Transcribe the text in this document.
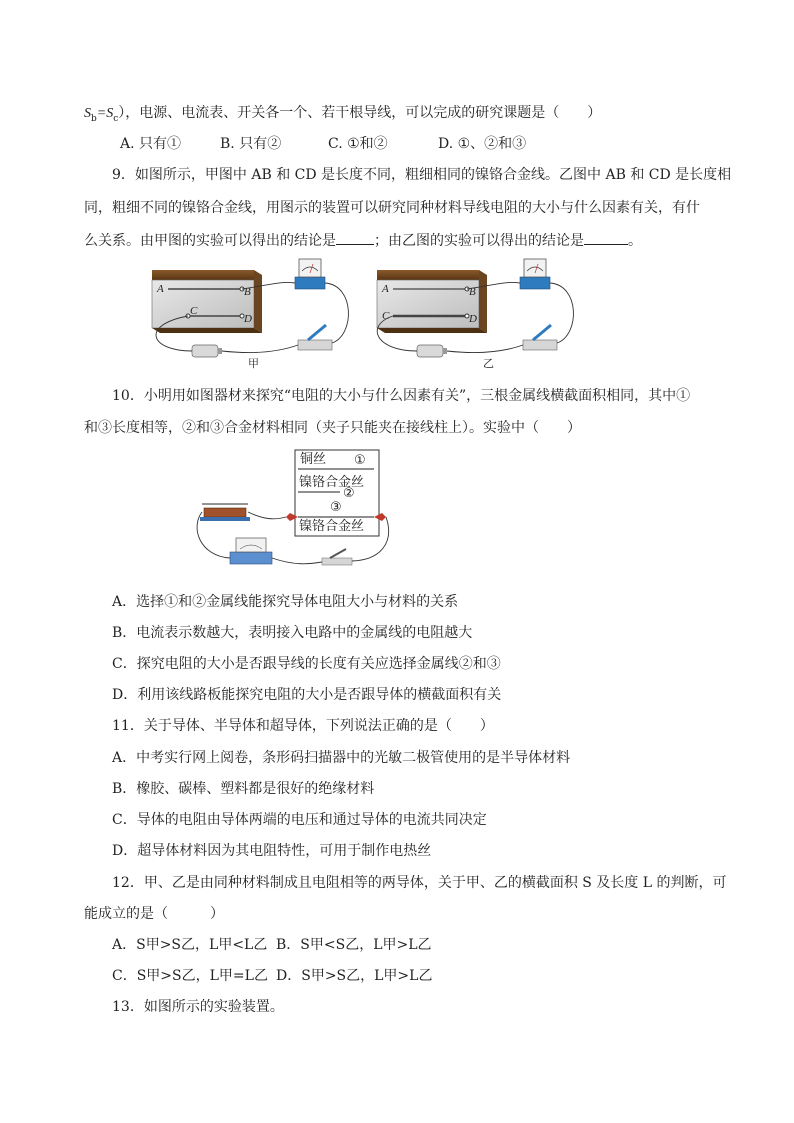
$S_b=S_c$），电源、电流表、开关各一个、若干根导线，可以完成的研究课题是（　　）
A. 只有①	B. 只有②	C. ①和②	D. ①、②和③
9．如图所示，甲图中 AB 和 CD 是长度不同，粗细相同的镍铬合金线。乙图中 AB 和 CD 是长度相
同，粗细不同的镍铬合金线，用图示的装置可以研究同种材料导线电阻的大小与什么因素有关，有什
么关系。由甲图的实验可以得出的结论是	；由乙图的实验可以得出的结论是	。
A	B
C
D
甲
A	B
C	D
乙
10．小明用如图器材来探究“电阻的大小与什么因素有关”，三根金属线横截面积相同，其中①
和③长度相等，②和③合金材料相同（夹子只能夹在接线柱上）。实验中（　　）
铜丝 ①
镍铬合金丝
②
③
镍铬合金丝
A．选择①和②金属线能探究导体电阻大小与材料的关系
B．电流表示数越大，表明接入电路中的金属线的电阻越大
C．探究电阻的大小是否跟导线的长度有关应选择金属线②和③
D．利用该线路板能探究电阻的大小是否跟导体的横截面积有关
11．关于导体、半导体和超导体，下列说法正确的是（　　）
A．中考实行网上阅卷，条形码扫描器中的光敏二极管使用的是半导体材料
B．橡胶、碳棒、塑料都是很好的绝缘材料
C．导体的电阻由导体两端的电压和通过导体的电流共同决定
D．超导体材料因为其电阻特性，可用于制作电热丝
12．甲、乙是由同种材料制成且电阻相等的两导体，关于甲、乙的横截面积 S 及长度 L 的判断，可
能成立的是（　　　）
A．S甲>S乙，L甲<L乙 B．S甲<S乙，L甲>L乙
C．S甲>S乙，L甲=L乙 D．S甲>S乙，L甲>L乙
13．如图所示的实验装置。
